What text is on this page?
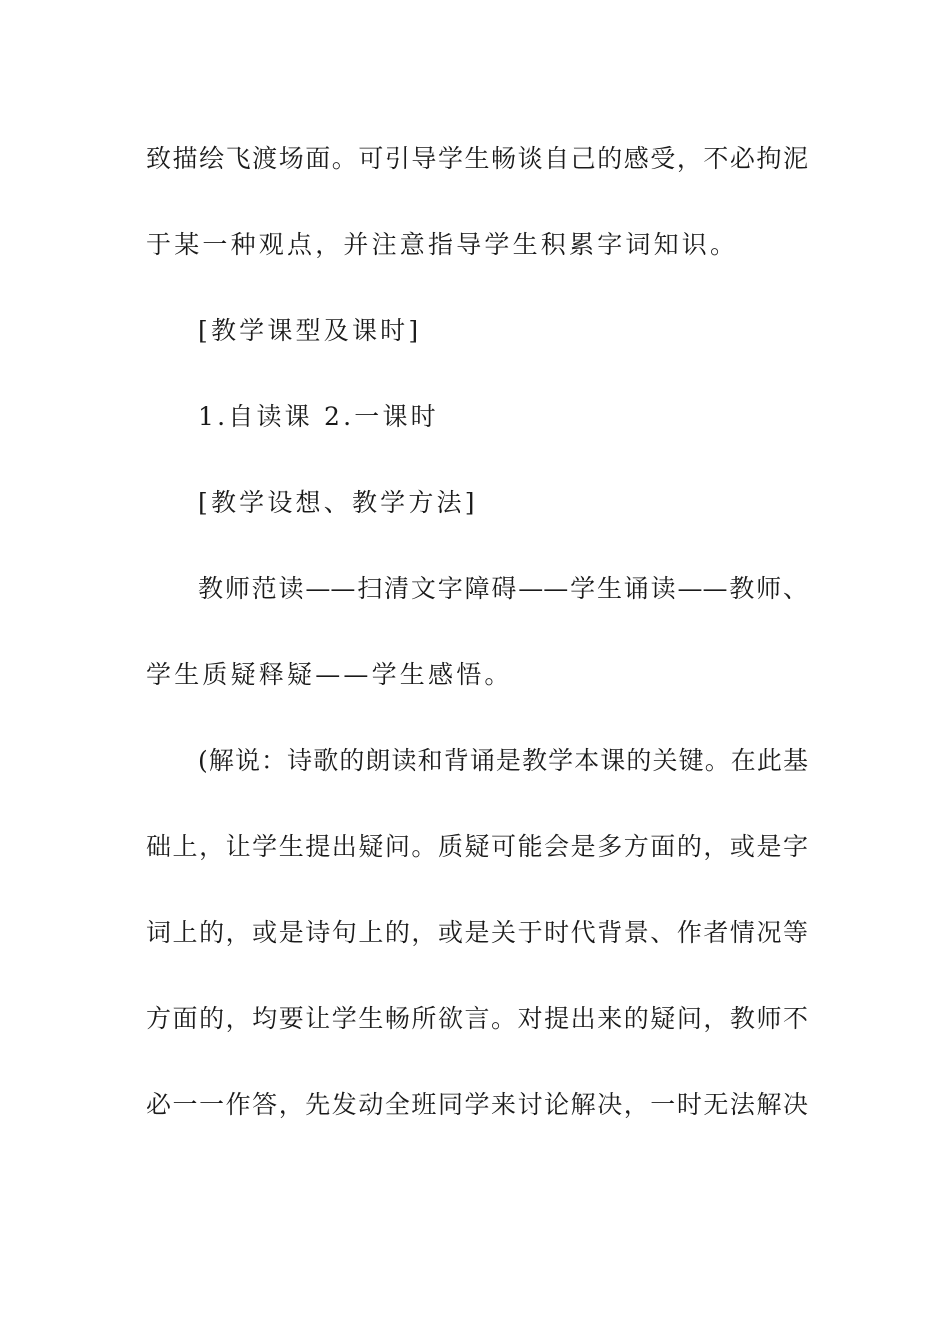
致描绘飞渡场面。可引导学生畅谈自己的感受，不必拘泥
于某一种观点，并注意指导学生积累字词知识。
[教学课型及课时]
1.自读课 2.一课时
[教学设想、教学方法]
教师范读——扫清文字障碍——学生诵读——教师、
学生质疑释疑——学生感悟。
(解说：诗歌的朗读和背诵是教学本课的关键。在此基
础上，让学生提出疑问。质疑可能会是多方面的，或是字
词上的，或是诗句上的，或是关于时代背景、作者情况等
方面的，均要让学生畅所欲言。对提出来的疑问，教师不
必一一作答，先发动全班同学来讨论解决，一时无法解决
